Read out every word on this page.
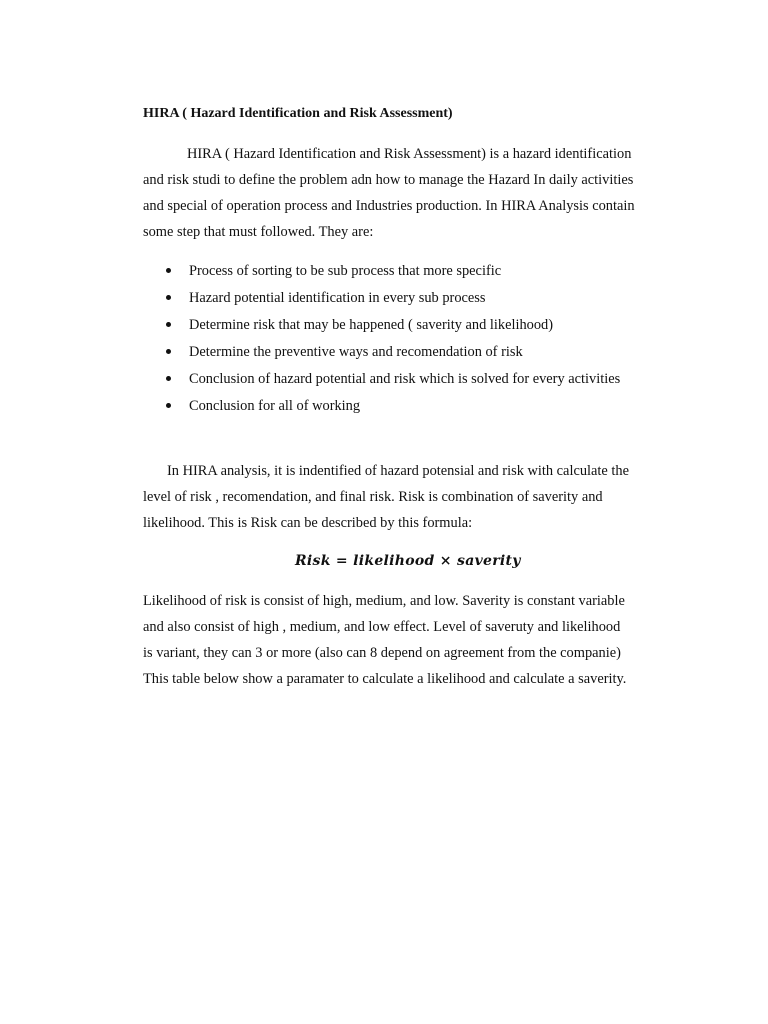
HIRA ( Hazard Identification and Risk Assessment)
HIRA ( Hazard Identification and Risk Assessment) is a hazard identification
and risk studi to define the problem adn how to manage the Hazard In daily activities
and special of operation process and Industries production. In HIRA Analysis contain
some step that must followed. They are:
Process of sorting to be sub process that more specific
Hazard potential identification in every sub process
Determine risk that may be happened ( saverity and likelihood)
Determine the preventive ways and recomendation of risk
Conclusion of hazard potential and risk which is solved for every activities
Conclusion for all of working
In HIRA analysis, it is indentified of hazard potensial and risk with calculate the
level of risk , recomendation, and final risk. Risk is combination of saverity and
likelihood. This is Risk can be described by this formula:
Risk = likelihood × saverity
Likelihood of risk is consist of high, medium, and low. Saverity is constant variable
and also consist of high , medium, and low effect. Level of saveruty and likelihood
is variant, they can 3 or more (also can 8 depend on agreement from the companie)
This table below show a paramater to calculate a likelihood and calculate a saverity.
